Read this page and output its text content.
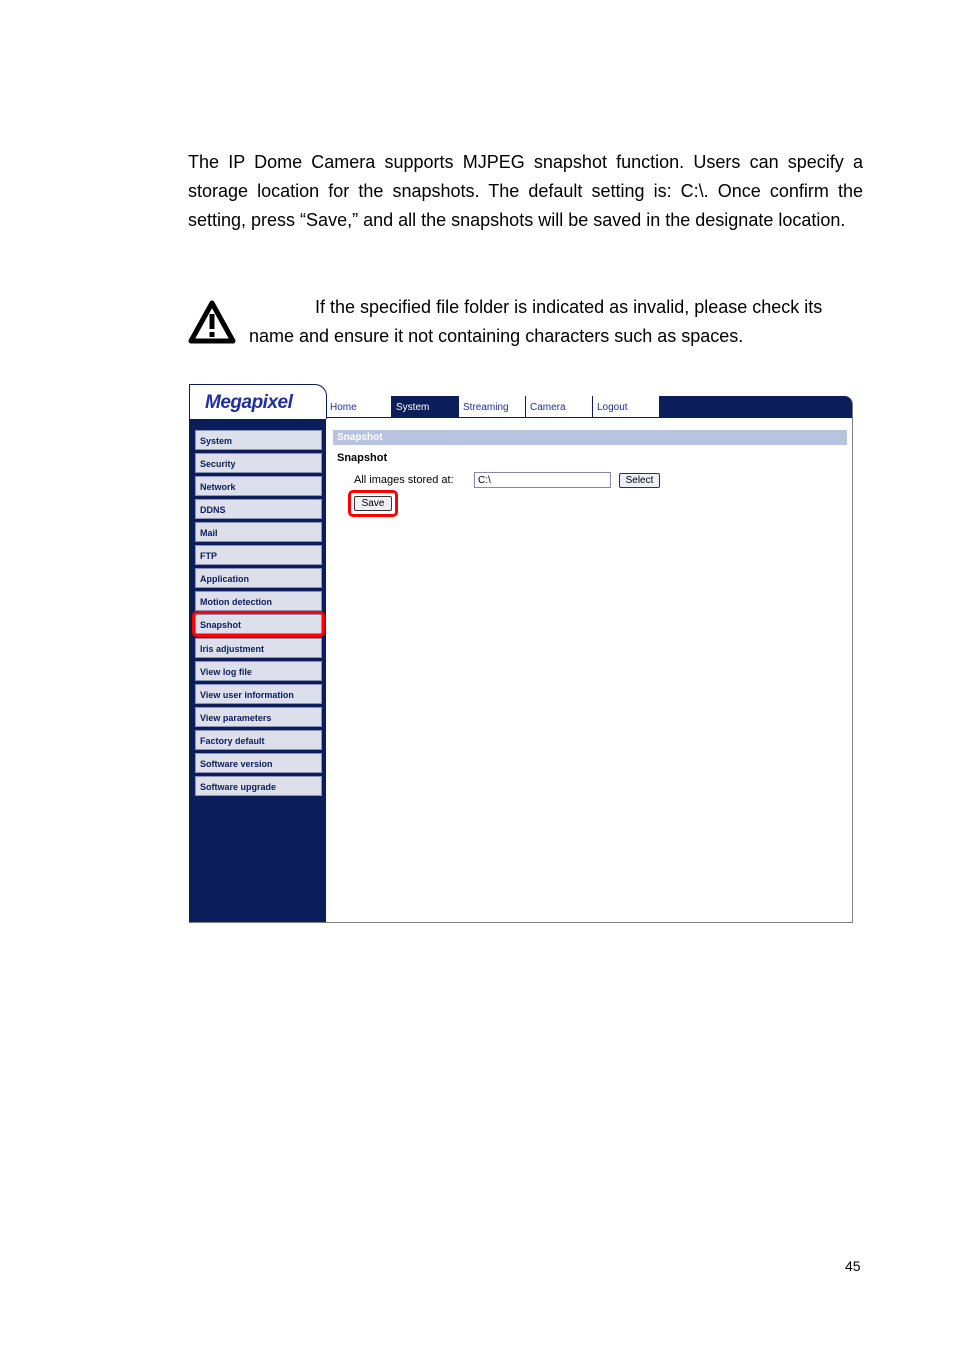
The IP Dome Camera supports MJPEG snapshot function. Users can specify a storage location for the snapshots. The default setting is: C:\. Once confirm the setting, press “Save,” and all the snapshots will be saved in the designate location.

If the specified file folder is indicated as invalid, please check its name and ensure it not containing characters such as spaces.

Megapixel	Home	System	Streaming	Camera	Logout
System
Security
Network
DDNS
Mail
FTP
Application
Motion detection
Snapshot
Iris adjustment
View log file
View user information
View parameters
Factory default
Software version
Software upgrade
Snapshot
Snapshot
All images stored at:
C:\	Select
Save
45
